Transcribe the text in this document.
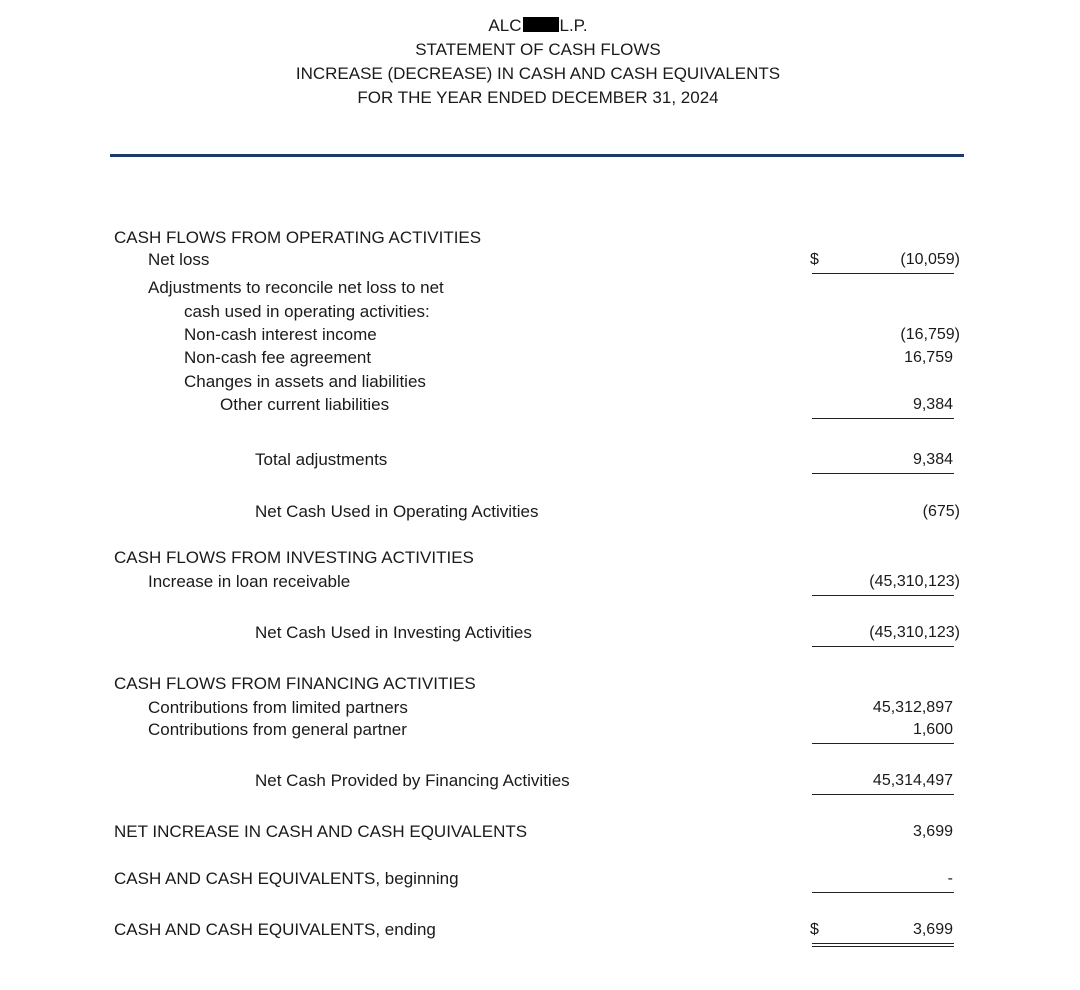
ALC L.P.
STATEMENT OF CASH FLOWS
INCREASE (DECREASE) IN CASH AND CASH EQUIVALENTS
FOR THE YEAR ENDED DECEMBER 31, 2024
CASH FLOWS FROM OPERATING ACTIVITIES
Net loss	$	(10,059)
Adjustments to reconcile net loss to net
cash used in operating activities:
Non-cash interest income	(16,759)
Non-cash fee agreement	16,759
Changes in assets and liabilities
Other current liabilities	9,384
Total adjustments	9,384
Net Cash Used in Operating Activities	(675)
CASH FLOWS FROM INVESTING ACTIVITIES
Increase in loan receivable	(45,310,123)
Net Cash Used in Investing Activities	(45,310,123)
CASH FLOWS FROM FINANCING ACTIVITIES
Contributions from limited partners	45,312,897
Contributions from general partner	1,600
Net Cash Provided by Financing Activities	45,314,497
NET INCREASE IN CASH AND CASH EQUIVALENTS	3,699
CASH AND CASH EQUIVALENTS, beginning	-
CASH AND CASH EQUIVALENTS, ending	$	3,699
